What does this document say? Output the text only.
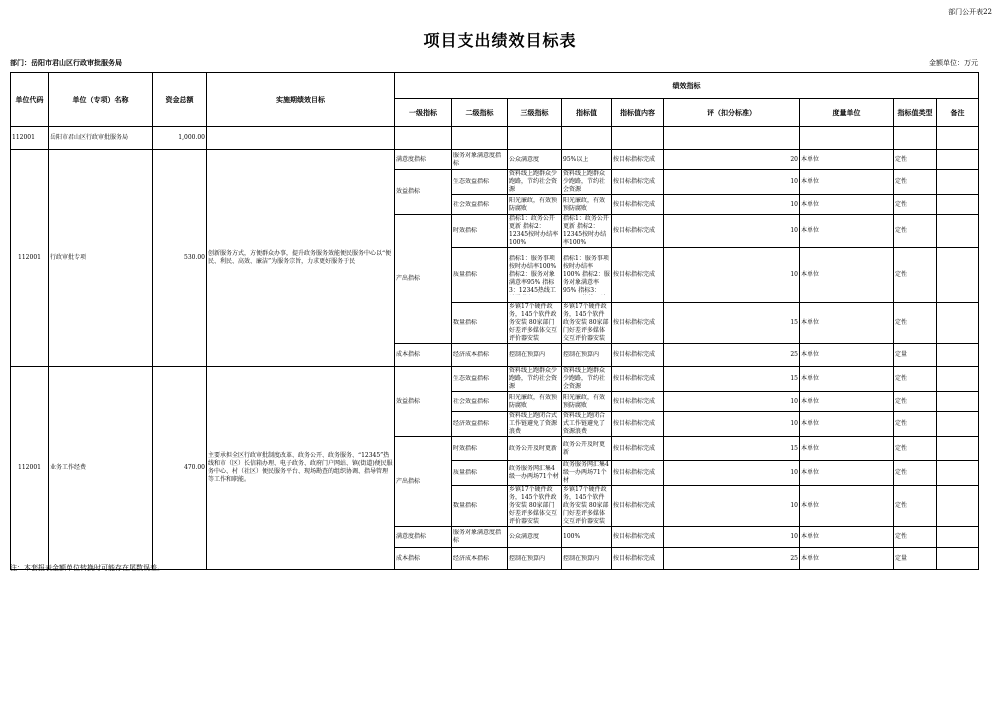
部门公开表22
项目支出绩效目标表
部门：岳阳市君山区行政审批服务局	金额单位：万元
单位代码	单位（专项）名称	资金总额	实施期绩效目标	绩效指标								
				一级指标	二级指标	三级指标	指标值	指标值内容	评（扣分标准）	度量单位	指标值类型	备注
112001	岳阳市君山区行政审批服务局	1,000.00										
112001	行政审批专项	530.00	创新服务方式，方便群众办事，提升政务服务效能便民服务中心以“便民、利民、高效、廉洁”为服务宗旨，力求更好服务于民	满意度指标	服务对象满意度指标	公众满意度	95%以上	按目标指标完成	20	本单位	定性	
				效益指标	生态效益指标	资料线上跑群众少跑路，节约社会资源	资料线上跑群众少跑路，节约社会资源	按目标指标完成	10	本单位	定性	

					社会效益指标	阳光廉政，有效预防腐败	阳光廉政，有效预防腐败	按目标指标完成	10	本单位	定性	
				产出指标	时效指标	指标1：政务公开更新 指标2：12345按时办结率100%	指标1：政务公开更新 指标2：12345按时办结率100%	按目标指标完成	10	本单位	定性	

					质量指标	指标1：服务事项按时办结率100% 指标2：服务对象满意率95% 指标3：12345热线工	指标1：服务事项按时办结率100% 指标2：服务对象满意率95% 指标3：	按目标指标完成	10	本单位	定性	

					数量指标	乡镇17个硬件政务，145个软件政务安装 80家部门好差评多媒体交互评价器安装	乡镇17个硬件政务，145个软件政务安装 80家部门好差评多媒体交互评价器安装	按目标指标完成	15	本单位	定性	
				成本指标	经济成本指标	控制在预算内	控制在预算内	按目标指标完成	25	本单位	定量	
112001	业务工作经费	470.00	主要承担全区行政审批制度改革、政务公开、政务服务、“12345”热线和市（区）长信箱办理、电子政务、政府门户网站、镇(街道)便民服务中心、村（社区）便民服务平台、现场勘查的组织协调、指导管理等工作和职能。	效益指标	生态效益指标	资料线上跑群众少跑路，节约社会资源	资料线上跑群众少跑路，节约社会资源	按目标指标完成	15	本单位	定性	

					社会效益指标	阳光廉政，有效预防腐败	阳光廉政，有效预防腐败	按目标指标完成	10	本单位	定性	

					经济效益指标	资料线上跑闭合式工作链避免了资源浪费	资料线上跑闭合式工作链避免了资源浪费	按目标指标完成	10	本单位	定性	
				产出指标	时效指标	政务公开及时更新	政务公开及时更新	按目标指标完成	15	本单位	定性	

					质量指标	政务服务网汇集4级一办两场71个材	政务服务网汇集4级一办两场71个材	按目标指标完成	10	本单位	定性	

					数量指标	乡镇17个硬件政务，145个软件政务安装 80家部门好差评多媒体交互评价器安装	乡镇17个硬件政务，145个软件政务安装 80家部门好差评多媒体交互评价器安装	按目标指标完成	10	本单位	定性	
				满意度指标	服务对象满意度指标	公众满意度	100%	按目标指标完成	10	本单位	定性	
				成本指标	经济成本指标	控制在预算内	控制在预算内	按目标指标完成	25	本单位	定量	
注：本套报表金额单位转换时可能存在尾数误差。
